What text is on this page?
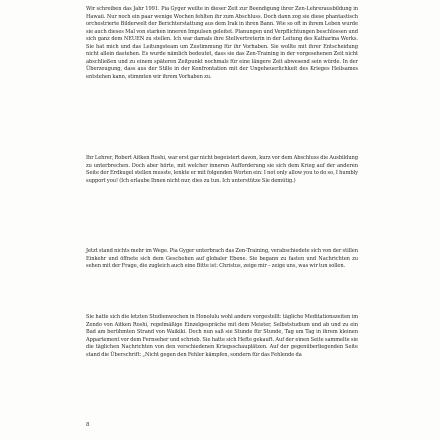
Wir schreiben das Jahr 1991. Pia Gyger weilte in dieser Zeit zur Beendigung ihrer Zen-Lehrerausbildung in Hawaii. Nur noch ein paar wenige Wochen fehlten ihr zum Abschluss. Doch dann zog sie diese phantastisch orchestrierte Bilderwelt der Berichterstattung aus dem Irak in ihren Bann. Wie so oft in ihrem Leben wurde sie auch dieses Mal von starken inneren Impulsen geleitet. Planungen und Verpflichtungen beschlossen und sich ganz dem NEUEN zu stellen. Ich war damals ihre Stellvertreterin in der Leitung des Katharina Werks. Sie hat mich und das Leitungsteam um Zustimmung für ihr Vorhaben. Sie wollte mit ihrer Entscheidung nicht allein dastehen. Es wurde nämlich bedeutet, dass sie das Zen-Training in der vorgesehenen Zeit nicht abschließen und zu einem späteren Zeitpunkt nochmals für eine längere Zeit abwesend sein würde. In der Überzeugung, dass aus der Stille in der Konfrontation mit der Ungeheuerlichkeit des Krieges Heilsames entstehen kann, stimmten wir ihrem Vorhaben zu.

Ihr Lehrer, Robert Aitken Roshi, war erst gar nicht begeistert davon, kurz vor dem Abschluss die Ausbildung zu unterbrechen. Doch aber hörte, mit welcher inneren Aufforderung sie sich dem Krieg auf der anderen Seite der Erdkugel stellen musste, lenkte er mit folgenden Worten ein: I not only allow you to do so, I humbly support you! (Ich erlaube Ihnen nicht nur, dies zu tun. Ich unterstütze Sie demütig.)

Jetzt stand nichts mehr im Wege. Pia Gyger unterbrach das Zen-Training, verabschiedete sich von der stillen Einkehr und öffnete sich dem Geschehen auf globaler Ebene. Sie begann zu fasten und Nachrichten zu sehen mit der Frage, die zugleich auch eine Bitte ist: Christus, zeige mir – zeige uns, was wir tun sollen.

Sie hatte sich die letzten Studienwochen in Honolulu wohl anders vorgestellt: tägliche Meditationszeiten im Zendo von Aitken Roshi, regelmäßige Einzelgespräche mit dem Meister, Selbststudium und ab und zu ein Bad am berühmten Strand von Waikiki. Doch nun saß sie Stunde für Stunde, Tag um Tag in ihrem kleinen Appartement vor dem Fernseher und schrieb. Sie hatte sich Hefte gekauft. Auf der einen Seite sammelte sie die täglichen Nachrichten von den verschiedenen Kriegsschauplätzen. Auf der gegenüberliegenden Seite stand die Überschrift: „Nicht gegen den Fehler kämpfen, sondern für das Fehlende da

8
